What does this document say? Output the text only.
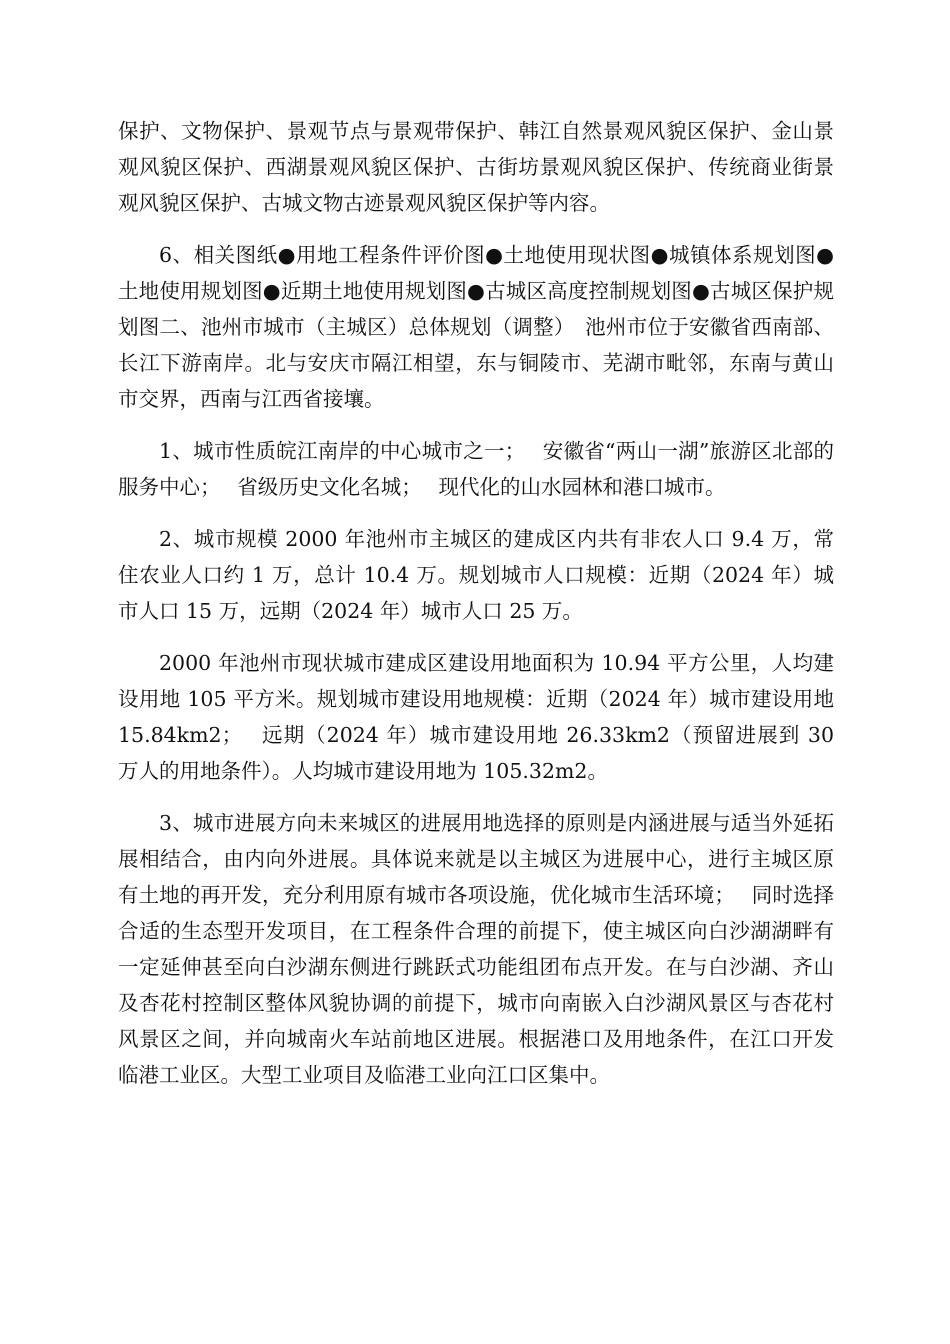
保护、文物保护、景观节点与景观带保护、韩江自然景观风貌区保护、金山景观风貌区保护、西湖景观风貌区保护、古街坊景观风貌区保护、传统商业街景观风貌区保护、古城文物古迹景观风貌区保护等内容。

6、相关图纸●用地工程条件评价图●土地使用现状图●城镇体系规划图●土地使用规划图●近期土地使用规划图●古城区高度控制规划图●古城区保护规划图二、池州市城市（主城区）总体规划（调整）　池州市位于安徽省西南部、长江下游南岸。北与安庆市隔江相望，东与铜陵市、芜湖市毗邻，东南与黄山市交界，西南与江西省接壤。

1、城市性质皖江南岸的中心城市之一；　 安徽省“两山一湖”旅游区北部的服务中心；　 省级历史文化名城；　 现代化的山水园林和港口城市。

2、城市规模 2000 年池州市主城区的建成区内共有非农人口 9.4 万，常住农业人口约 1 万，总计 10.4 万。规划城市人口规模：近期（2024 年）城市人口 15 万，远期（2024 年）城市人口 25 万。

2000 年池州市现状城市建成区建设用地面积为 10.94 平方公里，人均建设用地 105 平方米。规划城市建设用地规模：近期（2024 年）城市建设用地 15.84km2；　 远期（2024 年）城市建设用地 26.33km2（预留进展到 30 万人的用地条件）。人均城市建设用地为 105.32m2。

3、城市进展方向未来城区的进展用地选择的原则是内涵进展与适当外延拓展相结合，由内向外进展。具体说来就是以主城区为进展中心，进行主城区原有土地的再开发，充分利用原有城市各项设施，优化城市生活环境；　 同时选择合适的生态型开发项目，在工程条件合理的前提下，使主城区向白沙湖湖畔有一定延伸甚至向白沙湖东侧进行跳跃式功能组团布点开发。在与白沙湖、齐山及杏花村控制区整体风貌协调的前提下，城市向南嵌入白沙湖风景区与杏花村风景区之间，并向城南火车站前地区进展。根据港口及用地条件，在江口开发临港工业区。大型工业项目及临港工业向江口区集中。
